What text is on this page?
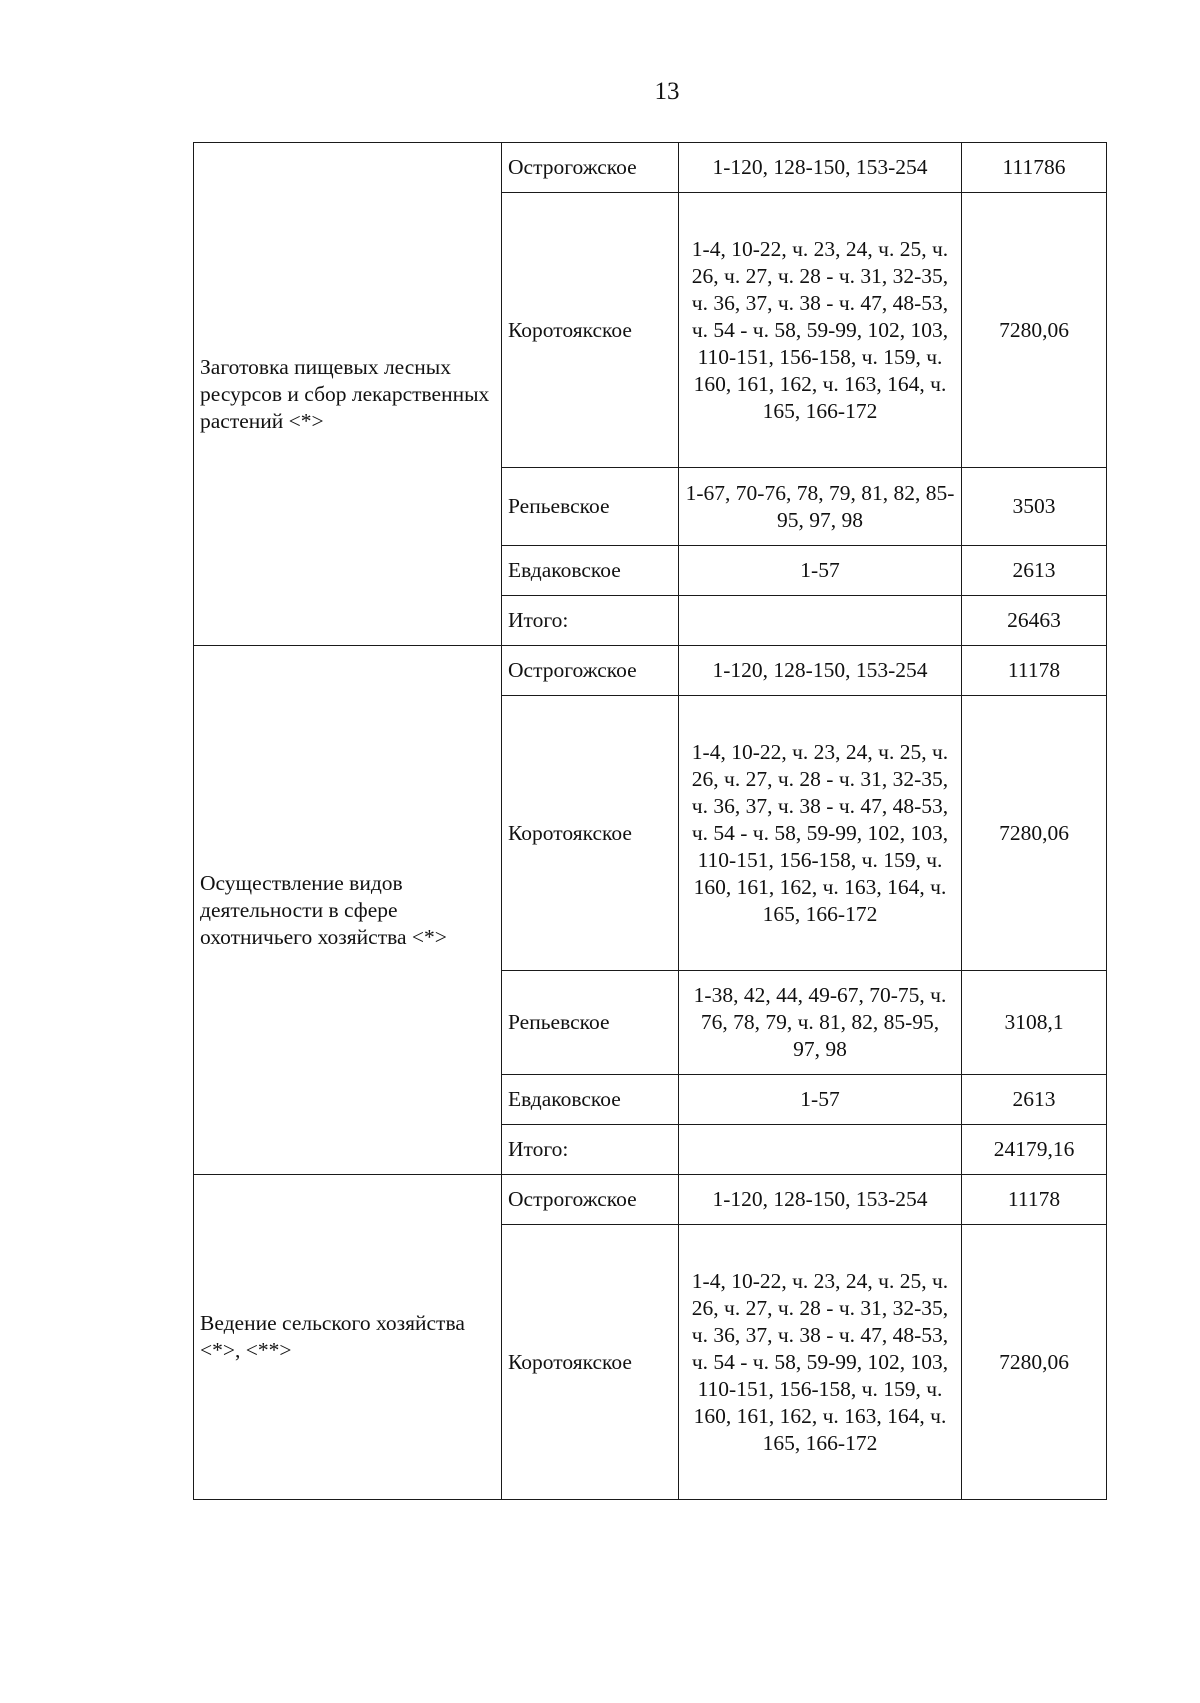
13
Заготовка пищевых лесных ресурсов и сбор лекарственных растений <*>	Острогожское	1-120, 128-150, 153-254	111786
	Коротоякское	1-4, 10-22, ч. 23, 24, ч. 25, ч. 26, ч. 27, ч. 28 - ч. 31, 32-35, ч. 36, 37, ч. 38 - ч. 47, 48-53, ч. 54 - ч. 58, 59-99, 102, 103, 110-151, 156-158, ч. 159, ч. 160, 161, 162, ч. 163, 164, ч. 165, 166-172	7280,06
	Репьевское	1-67, 70-76, 78, 79, 81, 82, 85-95, 97, 98	3503
	Евдаковское	1-57	2613
	Итого:		26463

Осуществление видов деятельности в сфере охотничьего хозяйства <*>	Острогожское	1-120, 128-150, 153-254	11178
	Коротоякское	1-4, 10-22, ч. 23, 24, ч. 25, ч. 26, ч. 27, ч. 28 - ч. 31, 32-35, ч. 36, 37, ч. 38 - ч. 47, 48-53, ч. 54 - ч. 58, 59-99, 102, 103, 110-151, 156-158, ч. 159, ч. 160, 161, 162, ч. 163, 164, ч. 165, 166-172	7280,06
	Репьевское	1-38, 42, 44, 49-67, 70-75, ч. 76, 78, 79, ч. 81, 82, 85-95, 97, 98	3108,1
	Евдаковское	1-57	2613
	Итого:		24179,16

Ведение сельского хозяйства <*>, <**>	Острогожское	1-120, 128-150, 153-254	11178
	Коротоякское	1-4, 10-22, ч. 23, 24, ч. 25, ч. 26, ч. 27, ч. 28 - ч. 31, 32-35, ч. 36, 37, ч. 38 - ч. 47, 48-53, ч. 54 - ч. 58, 59-99, 102, 103, 110-151, 156-158, ч. 159, ч. 160, 161, 162, ч. 163, 164, ч. 165, 166-172	7280,06
